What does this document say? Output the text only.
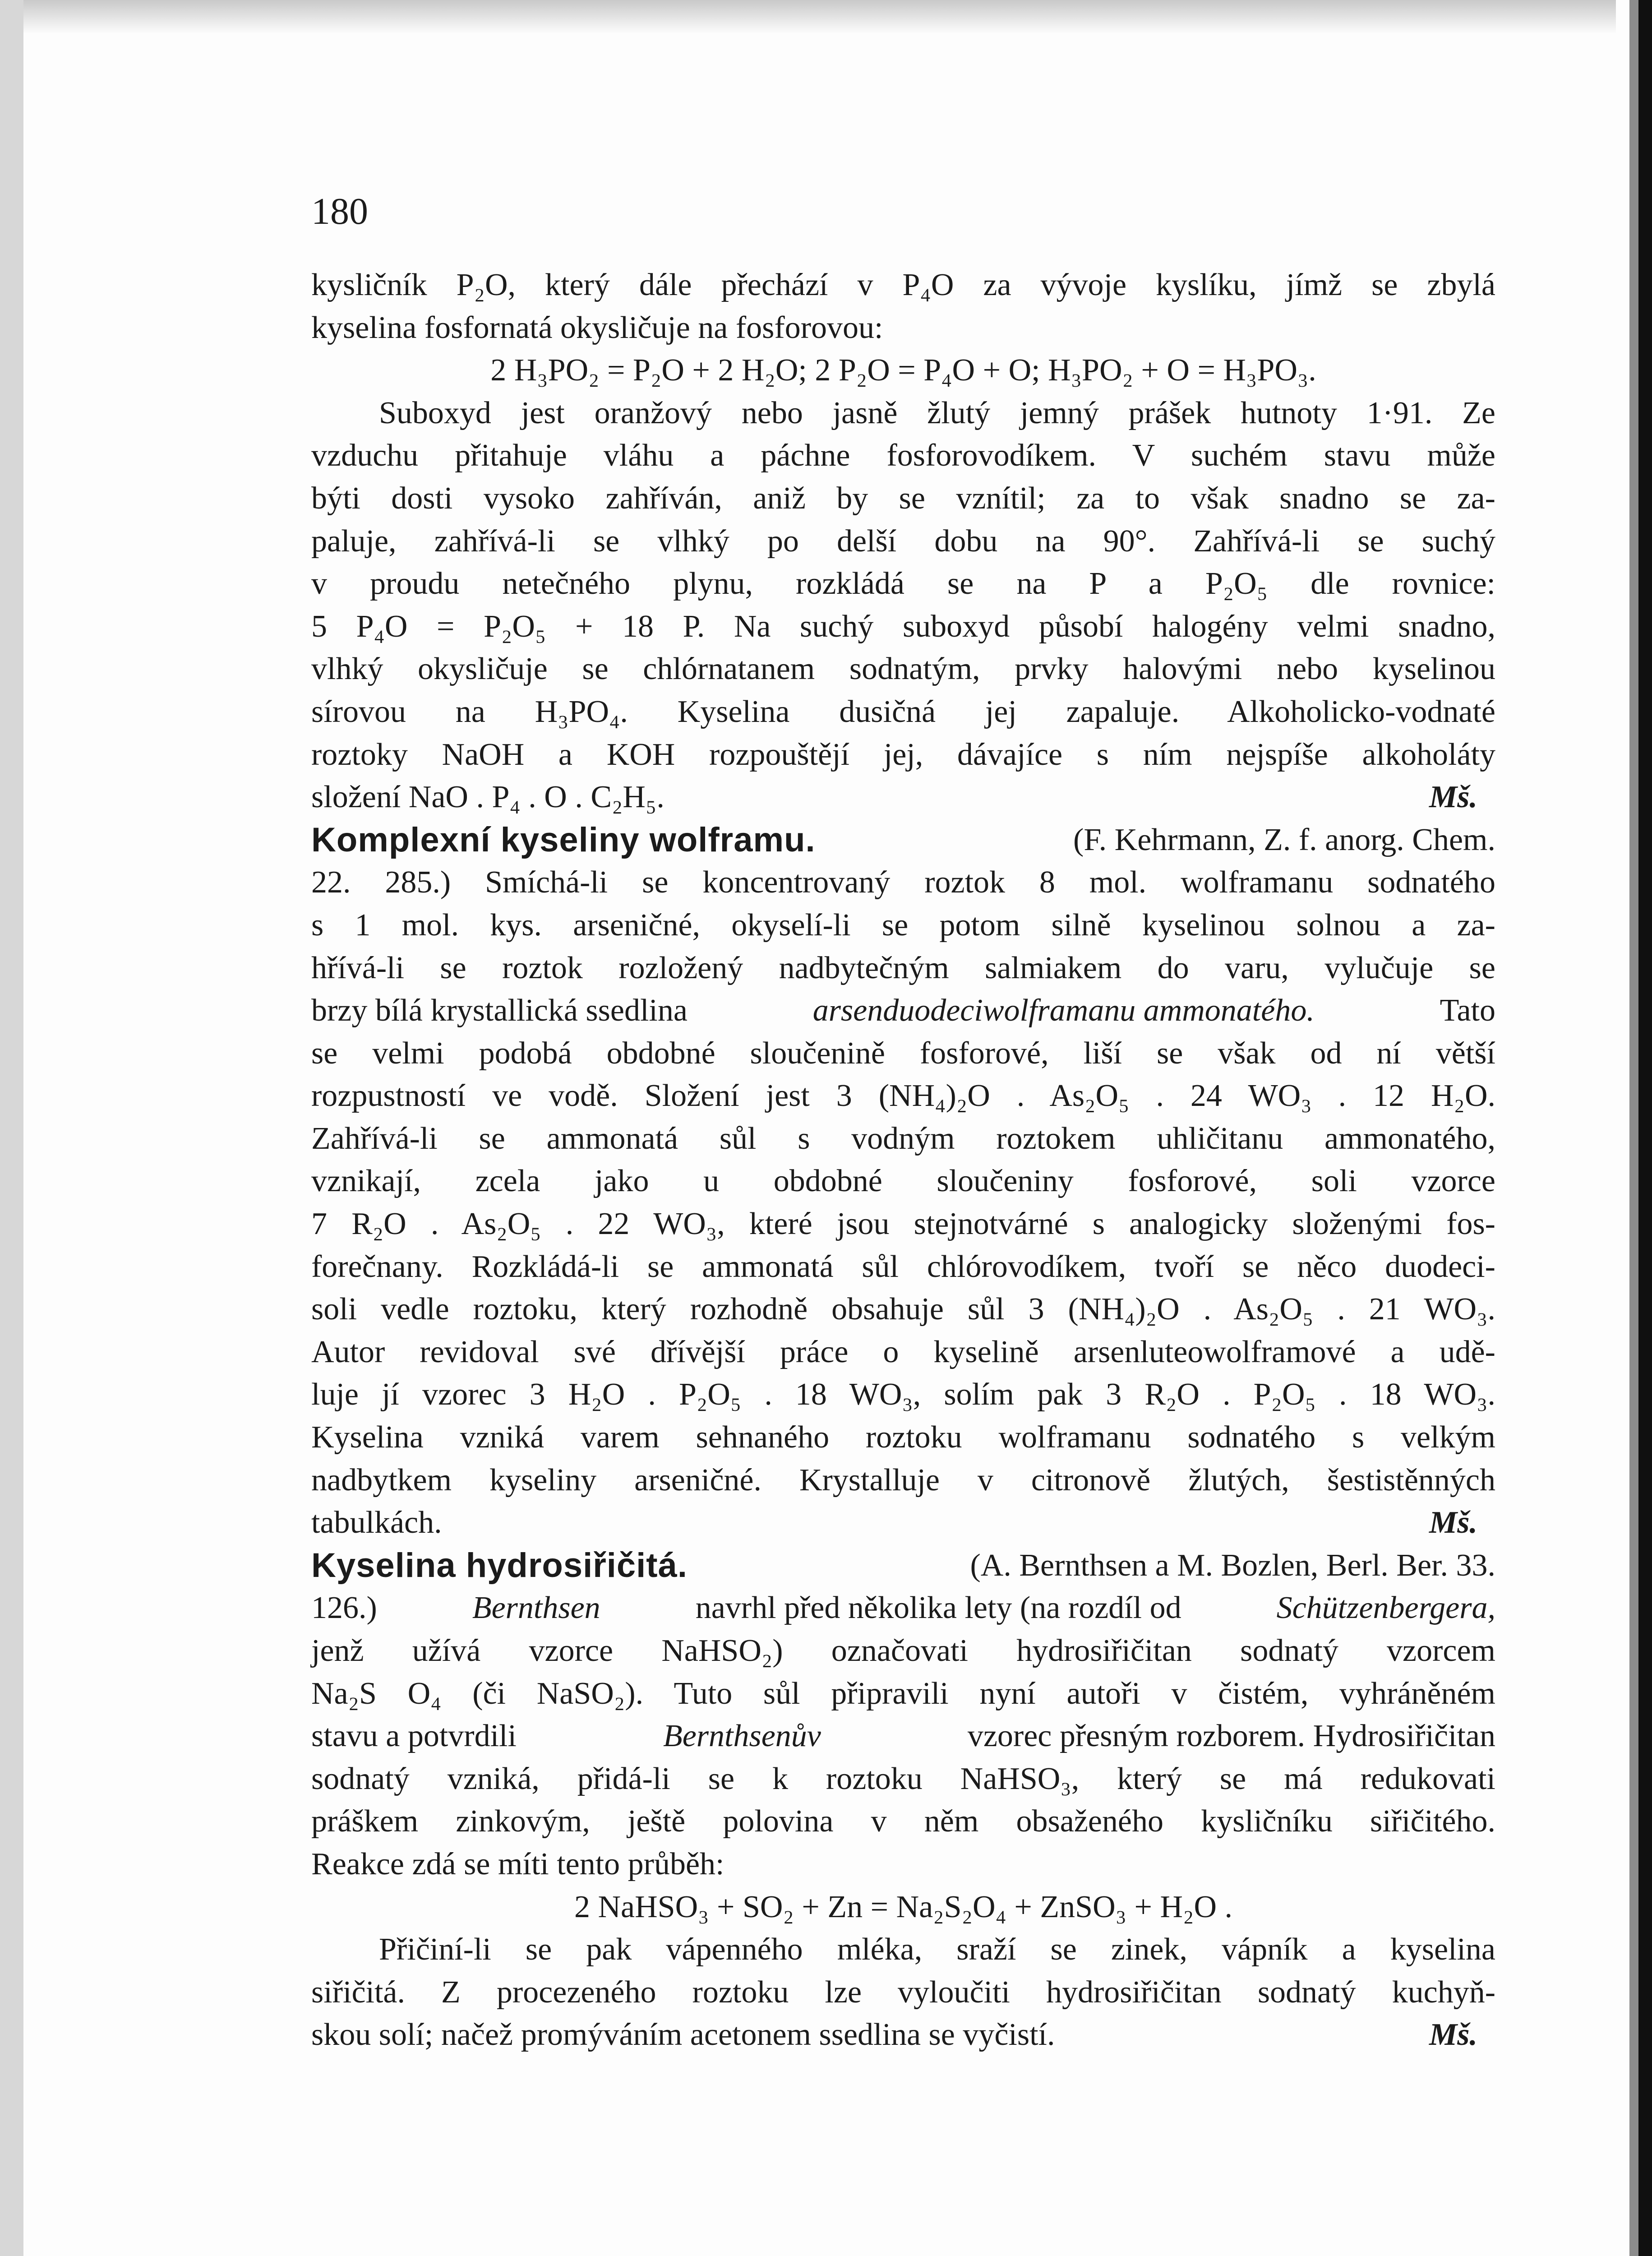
180
kysličník P₂O, který dále přechází v P₄O za vývoje kyslíku, jímž se zbylá
kyselina fosfornatá okysličuje na fosforovou:
2 H₃PO₂ = P₂O + 2 H₂O; 2 P₂O = P₄O + O; H₃PO₂ + O = H₃PO₃.
Suboxyd jest oranžový nebo jasně žlutý jemný prášek hutnoty 1·91. Ze
vzduchu přitahuje vláhu a páchne fosforovodíkem. V suchém stavu může
býti dosti vysoko zahříván, aniž by se vznítil; za to však snadno se za-
paluje, zahřívá-li se vlhký po delší dobu na 90°. Zahřívá-li se suchý
v proudu netečného plynu, rozkládá se na P a P₂O₅ dle rovnice:
5 P₄O = P₂O₅ + 18 P. Na suchý suboxyd působí halogény velmi snadno,
vlhký okysličuje se chlórnatanem sodnatým, prvky halovými nebo kyselinou
sírovou na H₃PO₄. Kyselina dusičná jej zapaluje. Alkoholicko-vodnaté
roztoky NaOH a KOH rozpouštějí jej, dávajíce s ním nejspíše alkoholáty
složení NaO . P₄ . O . C₂H₅.	Mš.
Komplexní kyseliny wolframu.	(F. Kehrmann, Z. f. anorg. Chem.
22. 285.) Smíchá-li se koncentrovaný roztok 8 mol. wolframanu sodnatého
s 1 mol. kys. arseničné, okyselí-li se potom silně kyselinou solnou a za-
hřívá-li se roztok rozložený nadbytečným salmiakem do varu, vylučuje se
brzy bílá krystallická ssedlina	arsenduodeciwolframanu ammonatého.	Tato
se velmi podobá obdobné sloučenině fosforové, liší se však od ní větší
rozpustností ve vodě. Složení jest 3 (NH₄)₂O . As₂O₅ . 24 WO₃ . 12 H₂O.
Zahřívá-li se ammonatá sůl s vodným roztokem uhličitanu ammonatého,
vznikají, zcela jako u obdobné sloučeniny fosforové, soli vzorce
7 R₂O . As₂O₅ . 22 WO₃, které jsou stejnotvárné s analogicky složenými fos-
forečnany. Rozkládá-li se ammonatá sůl chlórovodíkem, tvoří se něco duodeci-
soli vedle roztoku, který rozhodně obsahuje sůl 3 (NH₄)₂O . As₂O₅ . 21 WO₃.
Autor revidoval své dřívější práce o kyselině arsenluteowolframové a udě-
luje jí vzorec 3 H₂O . P₂O₅ . 18 WO₃, solím pak 3 R₂O . P₂O₅ . 18 WO₃.
Kyselina vzniká varem sehnaného roztoku wolframanu sodnatého s velkým
nadbytkem kyseliny arseničné. Krystalluje v citronově žlutých, šestistěnných
tabulkách.	Mš.
Kyselina hydrosiřičitá.	(A. Bernthsen a M. Bozlen, Berl. Ber. 33.
126.)	Bernthsen	navrhl před několika lety (na rozdíl od	Schützenbergera,
jenž užívá vzorce NaHSO₂) označovati hydrosiřičitan sodnatý vzorcem
Na₂S O₄ (či NaSO₂). Tuto sůl připravili nyní autoři v čistém, vyhráněném
stavu a potvrdili	Bernthsenův	vzorec přesným rozborem. Hydrosiřičitan
sodnatý vzniká, přidá-li se k roztoku NaHSO₃, který se má redukovati
práškem zinkovým, ještě polovina v něm obsaženého kysličníku siřičitého.
Reakce zdá se míti tento průběh:
2 NaHSO₃ + SO₂ + Zn = Na₂S₂O₄ + ZnSO₃ + H₂O .
Přičiní-li se pak vápenného mléka, sraží se zinek, vápník a kyselina
siřičitá. Z procezeného roztoku lze vyloučiti hydrosiřičitan sodnatý kuchyň-
skou solí; načež promýváním acetonem ssedlina se vyčistí.	Mš.
